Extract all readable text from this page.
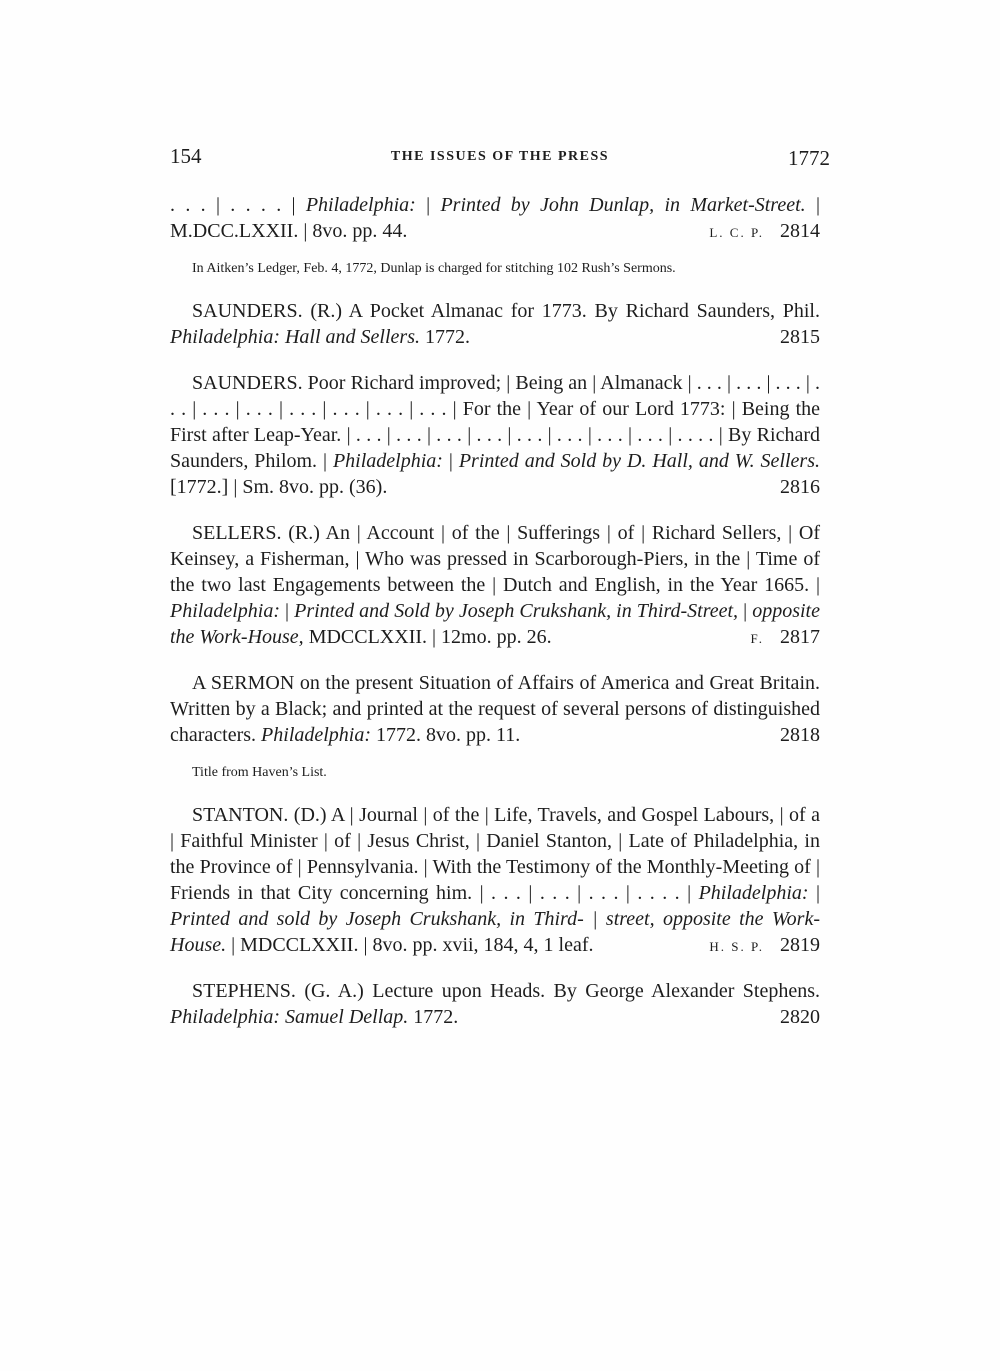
154	THE ISSUES OF THE PRESS	1772

. . . | . . . . | Philadelphia: | Printed by John Dunlap, in Market-Street. | M.DCC.LXXII. | 8vo. pp. 44.	L. C. P. 2814

In Aitken’s Ledger, Feb. 4, 1772, Dunlap is charged for stitching 102 Rush’s Sermons.

SAUNDERS. (R.) A Pocket Almanac for 1773. By Richard Saunders, Phil. Philadelphia: Hall and Sellers. 1772.	2815

SAUNDERS. Poor Richard improved; | Being an | Almanack | . . . | . . . | . . . | . . . | . . . | . . . | . . . | . . . | . . . | . . . | For the | Year of our Lord 1773: | Being the First after Leap-Year. | . . . | . . . | . . . | . . . | . . . | . . . | . . . | . . . | . . . . | By Richard Saunders, Philom. | Philadelphia: | Printed and Sold by D. Hall, and W. Sellers. [1772.] | Sm. 8vo. pp. (36).	2816

SELLERS. (R.) An | Account | of the | Sufferings | of | Richard Sellers, | Of Keinsey, a Fisherman, | Who was pressed in Scarborough-Piers, in the | Time of the two last Engagements between the | Dutch and English, in the Year 1665. | Philadelphia: | Printed and Sold by Joseph Crukshank, in Third-Street, | opposite the Work-House, MDCCLXXII. | 12mo. pp. 26.	F. 2817

A SERMON on the present Situation of Affairs of America and Great Britain. Written by a Black; and printed at the request of several persons of distinguished characters. Philadelphia: 1772. 8vo. pp. 11.	2818

Title from Haven’s List.

STANTON. (D.) A | Journal | of the | Life, Travels, and Gospel Labours, | of a | Faithful Minister | of | Jesus Christ, | Daniel Stanton, | Late of Philadelphia, in the Province of | Pennsylvania. | With the Testimony of the Monthly-Meeting of | Friends in that City concerning him. | . . . | . . . | . . . | . . . . | Philadelphia: | Printed and sold by Joseph Crukshank, in Third- | street, opposite the Work-House. | MDCCLXXII. | 8vo. pp. xvii, 184, 4, 1 leaf.	H. S. P. 2819

STEPHENS. (G. A.) Lecture upon Heads. By George Alexander Stephens. Philadelphia: Samuel Dellap. 1772.	2820
